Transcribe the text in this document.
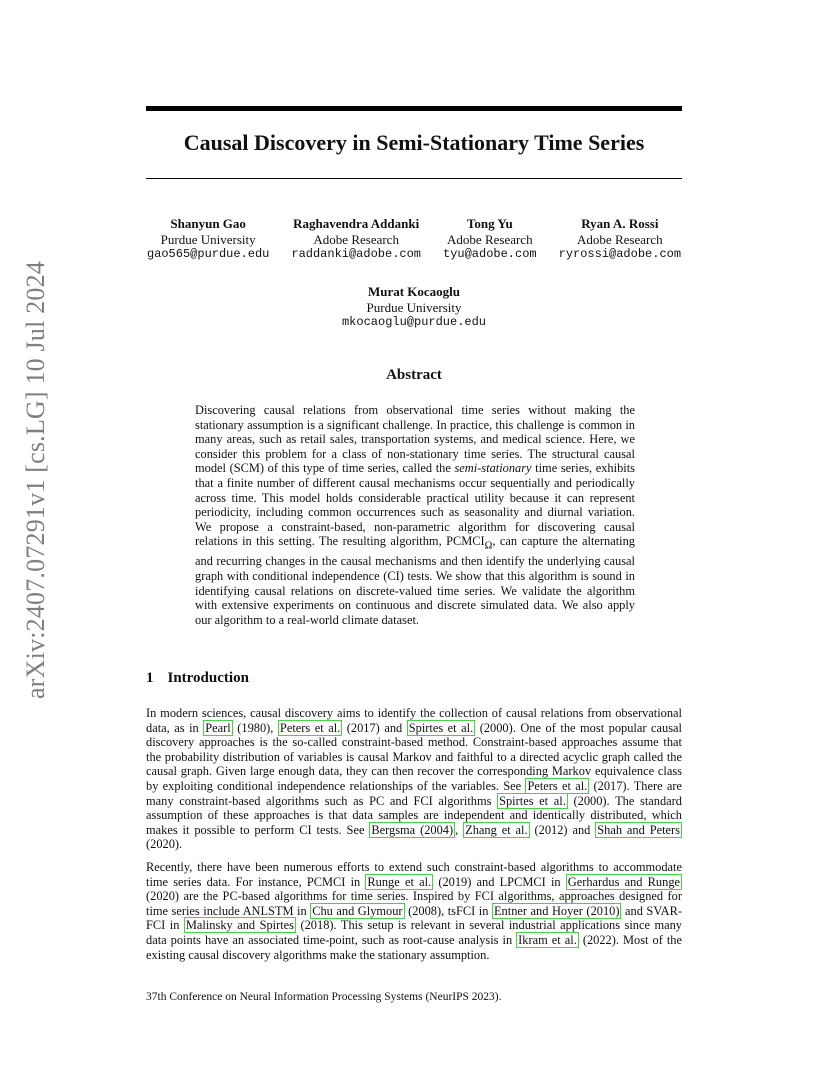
arXiv:2407.07291v1 [cs.LG] 10 Jul 2024
Causal Discovery in Semi-Stationary Time Series
Shanyun Gao
Purdue University
gao565@purdue.edu
Raghavendra Addanki
Adobe Research
raddanki@adobe.com
Tong Yu
Adobe Research
tyu@adobe.com
Ryan A. Rossi
Adobe Research
ryrossi@adobe.com
Murat Kocaoglu
Purdue University
mkocaoglu@purdue.edu
Abstract

Discovering causal relations from observational time series without making the stationary assumption is a significant challenge. In practice, this challenge is common in many areas, such as retail sales, transportation systems, and medical science. Here, we consider this problem for a class of non-stationary time series. The structural causal model (SCM) of this type of time series, called the semi-stationary time series, exhibits that a finite number of different causal mechanisms occur sequentially and periodically across time. This model holds considerable practical utility because it can represent periodicity, including common occurrences such as seasonality and diurnal variation. We propose a constraint-based, non-parametric algorithm for discovering causal relations in this setting. The resulting algorithm, $PCMCI_\Omega$, can capture the alternating and recurring changes in the causal mechanisms and then identify the underlying causal graph with conditional independence (CI) tests. We show that this algorithm is sound in identifying causal relations on discrete-valued time series. We validate the algorithm with extensive experiments on continuous and discrete simulated data. We also apply our algorithm to a real-world climate dataset.

1 Introduction

In modern sciences, causal discovery aims to identify the collection of causal relations from observational data, as in Pearl (1980), Peters et al. (2017) and Spirtes et al. (2000). One of the most popular causal discovery approaches is the so-called constraint-based method. Constraint-based approaches assume that the probability distribution of variables is causal Markov and faithful to a directed acyclic graph called the causal graph. Given large enough data, they can then recover the corresponding Markov equivalence class by exploiting conditional independence relationships of the variables. See Peters et al. (2017). There are many constraint-based algorithms such as PC and FCI algorithms Spirtes et al. (2000). The standard assumption of these approaches is that data samples are independent and identically distributed, which makes it possible to perform CI tests. See Bergsma (2004) , Zhang et al. (2012) and Shah and Peters (2020).

Recently, there have been numerous efforts to extend such constraint-based algorithms to accommodate time series data. For instance, PCMCI in Runge et al. (2019) and LPCMCI in Gerhardus and Runge (2020) are the PC-based algorithms for time series. Inspired by FCI algorithms, approaches designed for time series include ANLSTM in Chu and Glymour (2008), tsFCI in Entner and Hoyer (2010) and SVAR-FCI in Malinsky and Spirtes (2018). This setup is relevant in several industrial applications since many data points have an associated time-point, such as root-cause analysis in Ikram et al. (2022). Most of the existing causal discovery algorithms make the stationary assumption.

37th Conference on Neural Information Processing Systems (NeurIPS 2023).
